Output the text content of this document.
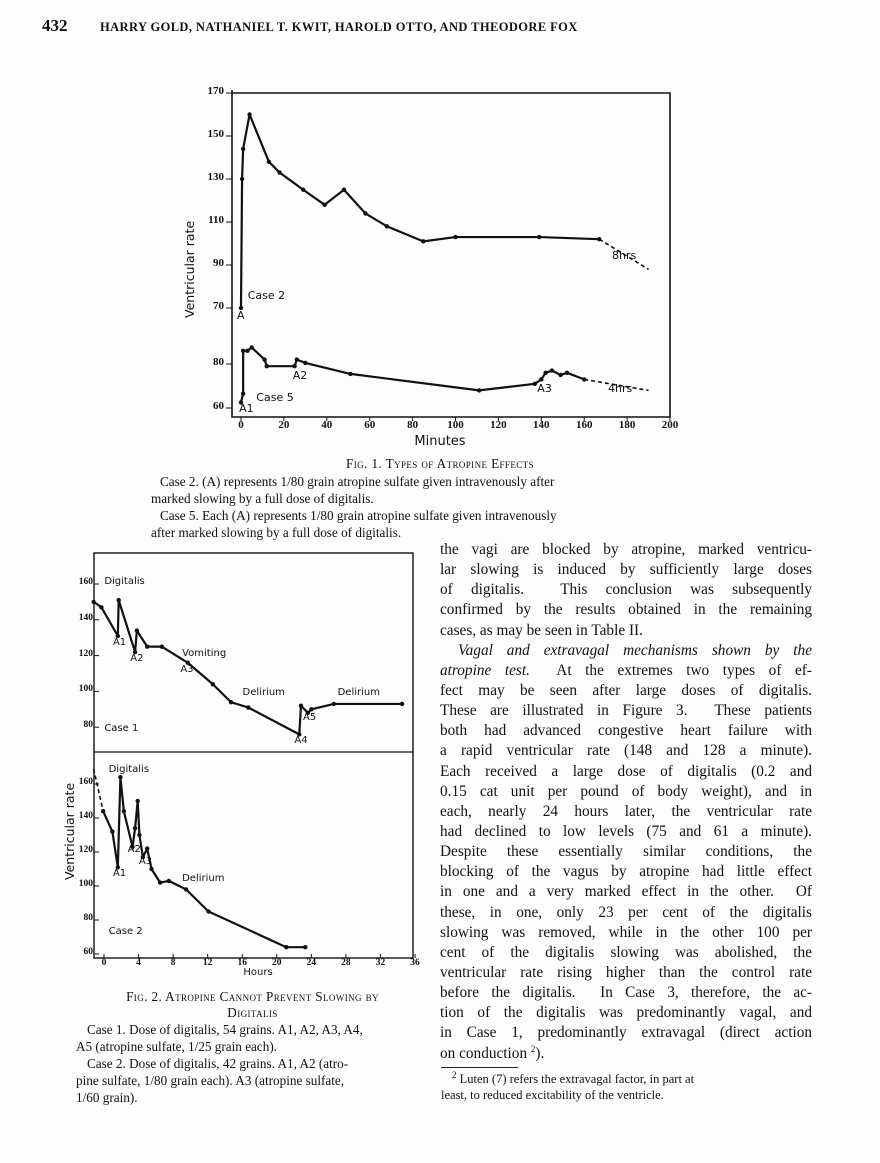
432	HARRY GOLD, NATHANIEL T. KWIT, HAROLD OTTO, AND THEODORE FOX
0	20	40	60	80	100 120 140 160 180 200
170
150
130
110
90
70
8hrs
Case 2
A
80
60
4hrs
Case 5
A1
A2
A3
Ventricular rate
Minutes
0	4	8	12	16	20	24	28	32	36
160
140
120
100
80
Digitalis
A1
A2	Vomiting
A3
Delirium	Delirium
Case 1
A4
A5
160
140
120
100
80
60
Digitalis
A1
A2
A3
Delirium
Case 2
Ventricular rate
Hours
Fig. 1. Types of Atropine Effects
Case 2. (A) represents 1/80 grain atropine sulfate given intravenously after
marked slowing by a full dose of digitalis.
Case 5. Each (A) represents 1/80 grain atropine sulfate given intravenously
after marked slowing by a full dose of digitalis.
Fig. 2. Atropine Cannot Prevent Slowing by
Digitalis
Case 1. Dose of digitalis, 54 grains. A1, A2, A3, A4,
A5 (atropine sulfate, 1/25 grain each).
Case 2. Dose of digitalis, 42 grains. A1, A2 (atro-
pine sulfate, 1/80 grain each). A3 (atropine sulfate,
1/60 grain).
the vagi are blocked by atropine, marked ventricu-
lar slowing is induced by sufficiently large doses
of digitalis.  This conclusion was subsequently
confirmed by the results obtained in the remaining
cases, as may be seen in Table II.
Vagal and extravagal mechanisms shown by the
atropine test.  At the extremes two types of ef-
fect may be seen after large doses of digitalis.
These are illustrated in Figure 3.  These patients
both had advanced congestive heart failure with
a rapid ventricular rate (148 and 128 a minute).
Each received a large dose of digitalis (0.2 and
0.15 cat unit per pound of body weight), and in
each, nearly 24 hours later, the ventricular rate
had declined to low levels (75 and 61 a minute).
Despite these essentially similar conditions, the
blocking of the vagus by atropine had little effect
in one and a very marked effect in the other.  Of
these, in one, only 23 per cent of the digitalis
slowing was removed, while in the other 100 per
cent of the digitalis slowing was abolished, the
ventricular rate rising higher than the control rate
before the digitalis.  In Case 3, therefore, the ac-
tion of the digitalis was predominantly vagal, and
in Case 1, predominantly extravagal (direct action
on conduction $^2$).
$^2$ Luten (7) refers the extravagal factor, in part at
least, to reduced excitability of the ventricle.
